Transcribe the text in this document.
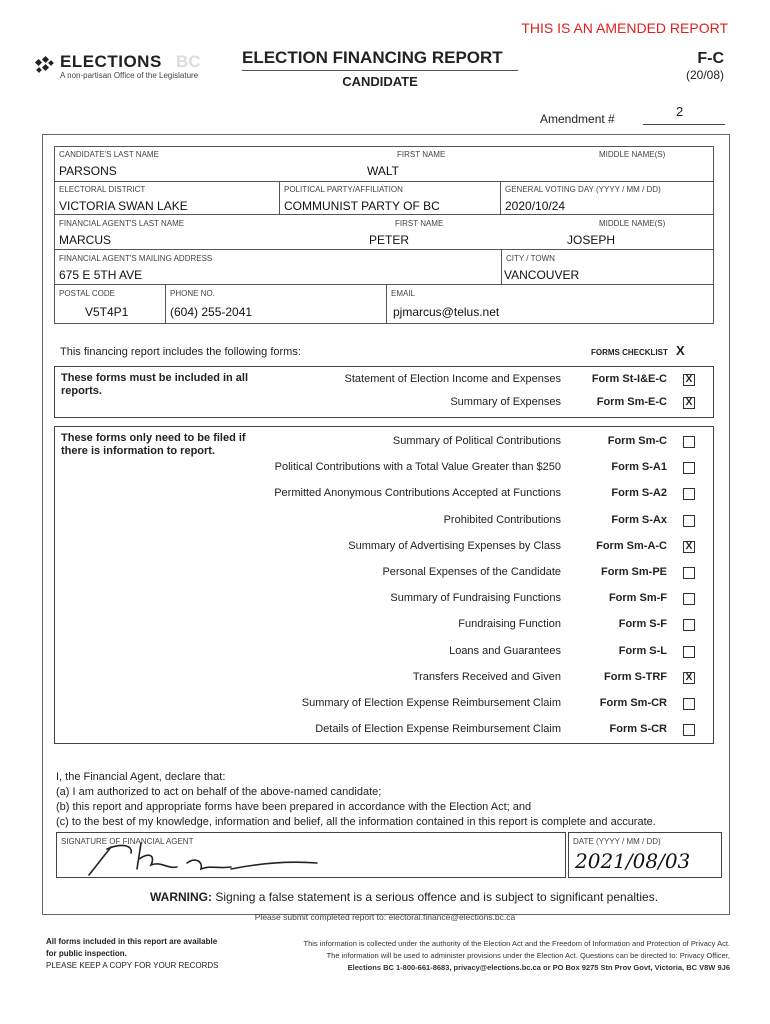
THIS IS AN AMENDED REPORT
ELECTIONS BC
A non-partisan Office of the Legislature
ELECTION FINANCING REPORT
CANDIDATE
F-C
(20/08)
Amendment #	2
CANDIDATE'S LAST NAME
PARSONS
FIRST NAME
WALT
MIDDLE NAME(S)
ELECTORAL DISTRICT
VICTORIA SWAN LAKE
POLITICAL PARTY/AFFILIATION
COMMUNIST PARTY OF BC
GENERAL VOTING DAY (YYYY / MM / DD)
2020/10/24
FINANCIAL AGENT'S LAST NAME
MARCUS
FIRST NAME
PETER
MIDDLE NAME(S)
JOSEPH
FINANCIAL AGENT'S MAILING ADDRESS
675 E 5TH AVE
CITY / TOWN
VANCOUVER
POSTAL CODE
V5T4P1
PHONE NO.
(604) 255-2041
EMAIL
pjmarcus@telus.net
This financing report includes the following forms:	FORMS CHECKLIST X
These forms must be included in all reports.
Statement of Election Income and Expenses	Form St-I&E-C X
Summary of Expenses	Form Sm-E-C X
These forms only need to be filed if there is information to report.
Summary of Political Contributions	Form Sm-C
Political Contributions with a Total Value Greater than $250	Form S-A1
Permitted Anonymous Contributions Accepted at Functions	Form S-A2
Prohibited Contributions	Form S-Ax
Summary of Advertising Expenses by Class	Form Sm-A-C X
Personal Expenses of the Candidate	Form Sm-PE
Summary of Fundraising Functions	Form Sm-F
Fundraising Function	Form S-F
Loans and Guarantees	Form S-L
Transfers Received and Given	Form S-TRF X
Summary of Election Expense Reimbursement Claim	Form Sm-CR
Details of Election Expense Reimbursement Claim	Form S-CR
I, the Financial Agent, declare that:
(a) I am authorized to act on behalf of the above-named candidate;
(b) this report and appropriate forms have been prepared in accordance with the Election Act; and
(c) to the best of my knowledge, information and belief, all the information contained in this report is complete and accurate.
SIGNATURE OF FINANCIAL AGENT	DATE (YYYY / MM / DD)
2021/08/03
WARNING: Signing a false statement is a serious offence and is subject to significant penalties.
Please submit completed report to: electoral.finance@elections.bc.ca
All forms included in this report are available
for public inspection.
PLEASE KEEP A COPY FOR YOUR RECORDS
This information is collected under the authority of the Election Act and the Freedom of Information and Protection of Privacy Act.
The information will be used to administer provisions under the Election Act. Questions can be directed to: Privacy Officer,
Elections BC 1-800-661-8683, privacy@elections.bc.ca or PO Box 9275 Stn Prov Govt, Victoria, BC V8W 9J6
